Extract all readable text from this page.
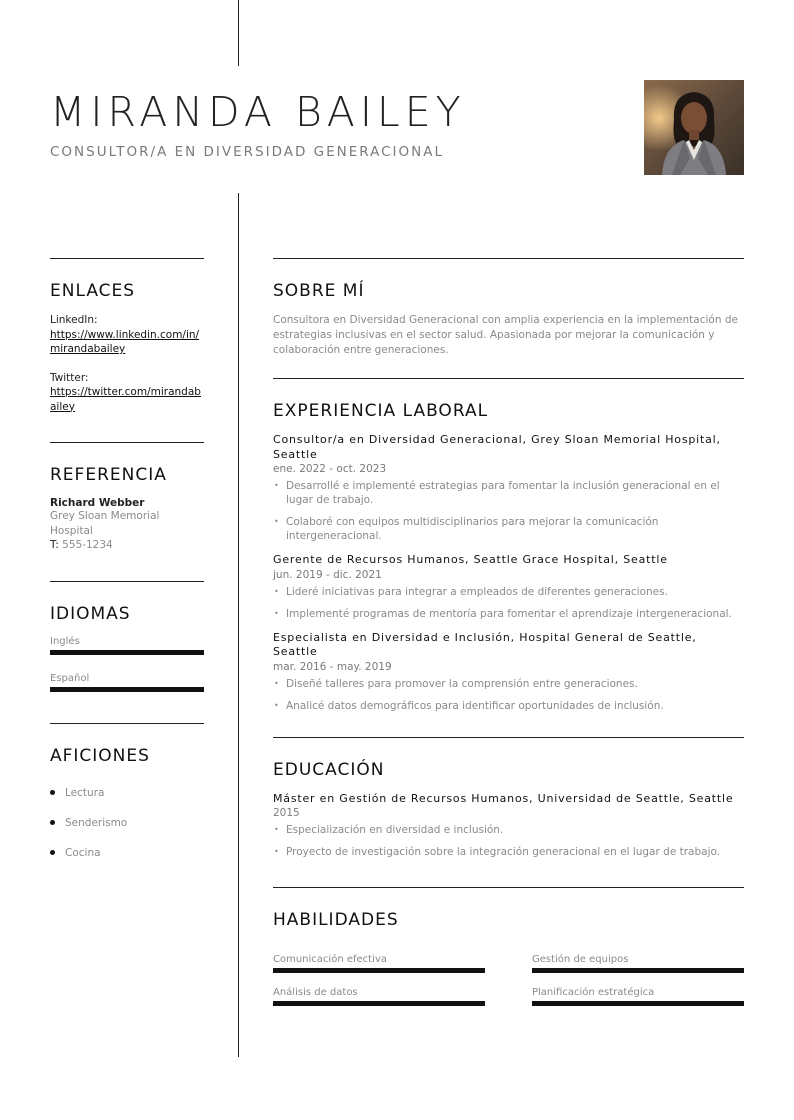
MIRANDA BAILEY
CONSULTOR/A EN DIVERSIDAD GENERACIONAL
ENLACES
LinkedIn:
https://www.linkedin.com/in/mirandabailey
Twitter:
https://twitter.com/mirandabailey
REFERENCIA
Richard Webber
Grey Sloan Memorial Hospital
T: 555-1234
IDIOMAS
Inglés
Español
AFICIONES
Lectura
Senderismo
Cocina
SOBRE MÍ
Consultora en Diversidad Generacional con amplia experiencia en la implementación de estrategias inclusivas en el sector salud. Apasionada por mejorar la comunicación y colaboración entre generaciones.
EXPERIENCIA LABORAL
Consultor/a en Diversidad Generacional, Grey Sloan Memorial Hospital, Seattle
ene. 2022 - oct. 2023
• Desarrollé e implementé estrategias para fomentar la inclusión generacional en el lugar de trabajo.
• Colaboré con equipos multidisciplinarios para mejorar la comunicación intergeneracional.
Gerente de Recursos Humanos, Seattle Grace Hospital, Seattle
jun. 2019 - dic. 2021
• Lideré iniciativas para integrar a empleados de diferentes generaciones.
• Implementé programas de mentoría para fomentar el aprendizaje intergeneracional.
Especialista en Diversidad e Inclusión, Hospital General de Seattle, Seattle
mar. 2016 - may. 2019
• Diseñé talleres para promover la comprensión entre generaciones.
• Analicé datos demográficos para identificar oportunidades de inclusión.
EDUCACIÓN
Máster en Gestión de Recursos Humanos, Universidad de Seattle, Seattle
2015
• Especialización en diversidad e inclusión.
• Proyecto de investigación sobre la integración generacional en el lugar de trabajo.
HABILIDADES
Comunicación efectiva	Gestión de equipos
Análisis de datos	Planificación estratégica
